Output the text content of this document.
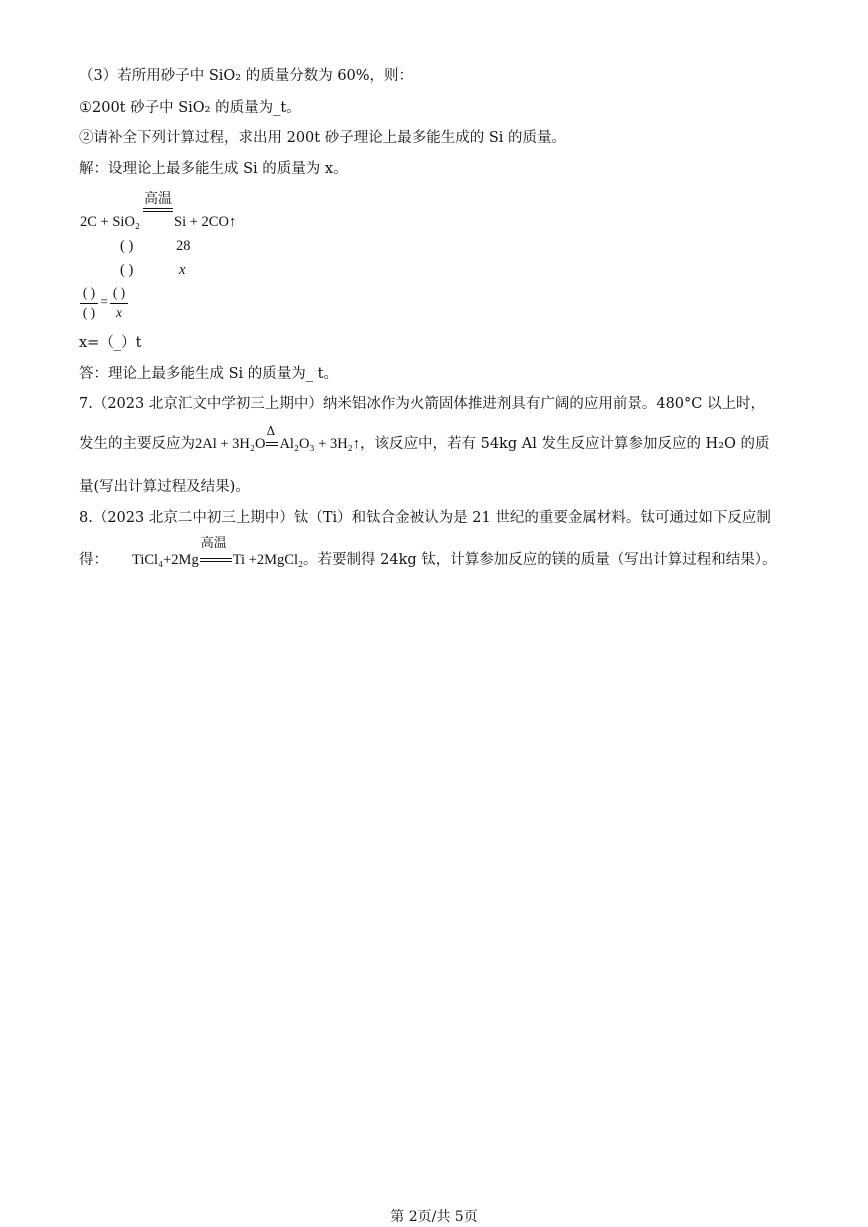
（3）若所用砂子中 SiO₂ 的质量分数为 60%，则：
①200t 砂子中 SiO₂ 的质量为_t。
②请补全下列计算过程，求出用 200t 砂子理论上最多能生成的 Si 的质量。
解：设理论上最多能生成 Si 的质量为 x。
高温
2C + SiO₂ Si + 2CO↑
( )	28
( )	x
( )
( )
=
( )
x
x=（_）t
答：理论上最多能生成 Si 的质量为_ t。
7.（2023 北京汇文中学初三上期中）纳米铝冰作为火箭固体推进剂具有广阔的应用前景。480°C 以上时，
发生的主要反应为2Al + 3H₂O
Δ
Al₂O₃ + 3H₂↑，该反应中，若有 54kg Al 发生反应计算参加反应的 H₂O 的质
量(写出计算过程及结果)。
8.（2023 北京二中初三上期中）钛（Ti）和钛合金被认为是 21 世纪的重要金属材料。钛可通过如下反应制
得： TiCl₄+2Mg
高温
Ti +2MgCl₂。若要制得 24kg 钛，计算参加反应的镁的质量（写出计算过程和结果）。
第 2页/共 5页
